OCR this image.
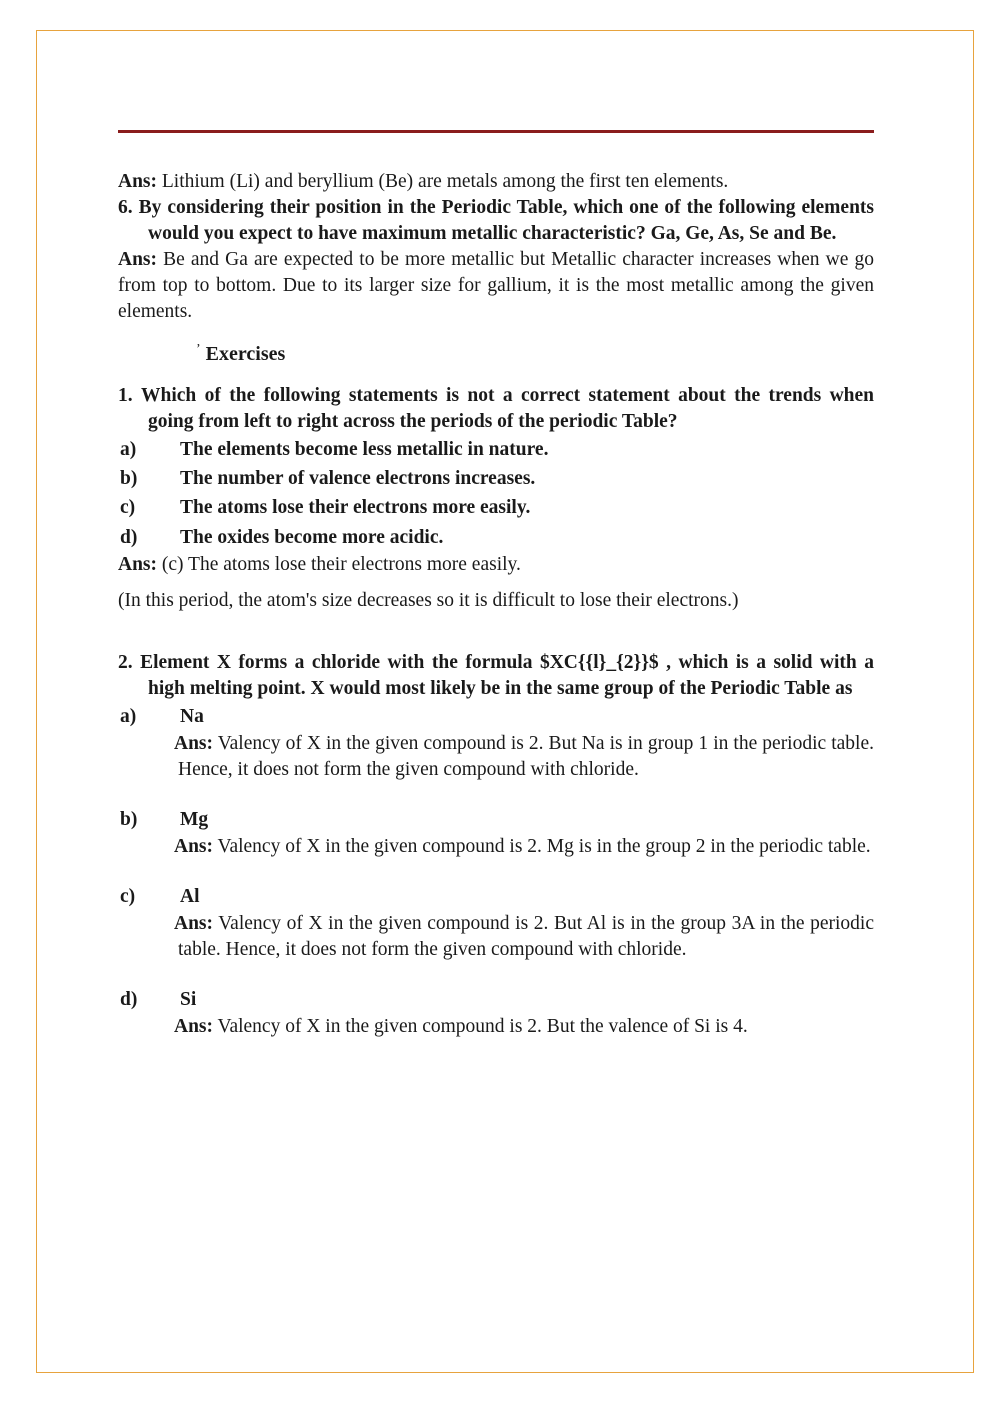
Ans: Lithium (Li) and beryllium (Be) are metals among the first ten elements.

6. By considering their position in the Periodic Table, which one of the following elements would you expect to have maximum metallic characteristic? Ga, Ge, As, Se and Be.

Ans: Be and Ga are expected to be more metallic but Metallic character increases when we go from top to bottom. Due to its larger size for gallium, it is the most metallic among the given elements.

’ Exercises

1. Which of the following statements is not a correct statement about the trends when going from left to right across the periods of the periodic Table?

a) The elements become less metallic in nature.

b) The number of valence electrons increases.

c) The atoms lose their electrons more easily.

d) The oxides become more acidic.

Ans: (c) The atoms lose their electrons more easily.

(In this period, the atom's size decreases so it is difficult to lose their electrons.)

2. Element X forms a chloride with the formula $XC{{l}_{2}}$ , which is a solid with a high melting point. X would most likely be in the same group of the Periodic Table as

a) Na

Ans: Valency of X in the given compound is 2. But Na is in group 1 in the periodic table. Hence, it does not form the given compound with chloride.

b) Mg

Ans: Valency of X in the given compound is 2. Mg is in the group 2 in the periodic table.

c) Al

Ans: Valency of X in the given compound is 2. But Al is in the group 3A in the periodic table. Hence, it does not form the given compound with chloride.

d) Si

Ans: Valency of X in the given compound is 2. But the valence of Si is 4.
